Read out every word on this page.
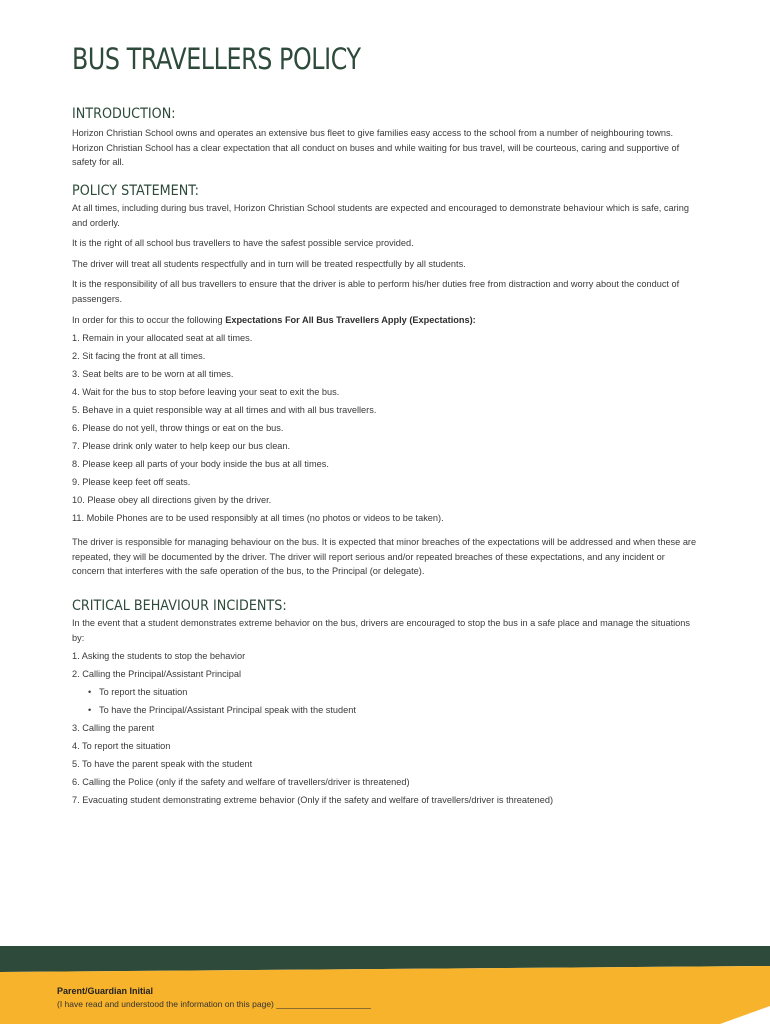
BUS TRAVELLERS POLICY
INTRODUCTION:

Horizon Christian School owns and operates an extensive bus fleet to give families easy access to the school from a number of neighbouring towns. Horizon Christian School has a clear expectation that all conduct on buses and while waiting for bus travel, will be courteous, caring and supportive of safety for all.

POLICY STATEMENT:

At all times, including during bus travel, Horizon Christian School students are expected and encouraged to demonstrate behaviour which is safe, caring and orderly.

It is the right of all school bus travellers to have the safest possible service provided.

The driver will treat all students respectfully and in turn will be treated respectfully by all students.

It is the responsibility of all bus travellers to ensure that the driver is able to perform his/her duties free from distraction and worry about the conduct of passengers.

In order for this to occur the following Expectations For All Bus Travellers Apply (Expectations):

1. Remain in your allocated seat at all times.
2. Sit facing the front at all times.
3. Seat belts are to be worn at all times.
4. Wait for the bus to stop before leaving your seat to exit the bus.
5. Behave in a quiet responsible way at all times and with all bus travellers.
6. Please do not yell, throw things or eat on the bus.
7. Please drink only water to help keep our bus clean.
8. Please keep all parts of your body inside the bus at all times.
9. Please keep feet off seats.
10. Please obey all directions given by the driver.
11. Mobile Phones are to be used responsibly at all times (no photos or videos to be taken).

The driver is responsible for managing behaviour on the bus. It is expected that minor breaches of the expectations will be addressed and when these are repeated, they will be documented by the driver. The driver will report serious and/or repeated breaches of these expectations, and any incident or concern that interferes with the safe operation of the bus, to the Principal (or delegate).

CRITICAL BEHAVIOUR INCIDENTS:

In the event that a student demonstrates extreme behavior on the bus, drivers are encouraged to stop the bus in a safe place and manage the situations by:

1. Asking the students to stop the behavior
2. Calling the Principal/Assistant Principal
• To report the situation
• To have the Principal/Assistant Principal speak with the student
3. Calling the parent
4. To report the situation
5. To have the parent speak with the student
6. Calling the Police (only if the safety and welfare of travellers/driver is threatened)
7. Evacuating student demonstrating extreme behavior (Only if the safety and welfare of travellers/driver is threatened)
Parent/Guardian Initial
(I have read and understood the information on this page) ____________________
